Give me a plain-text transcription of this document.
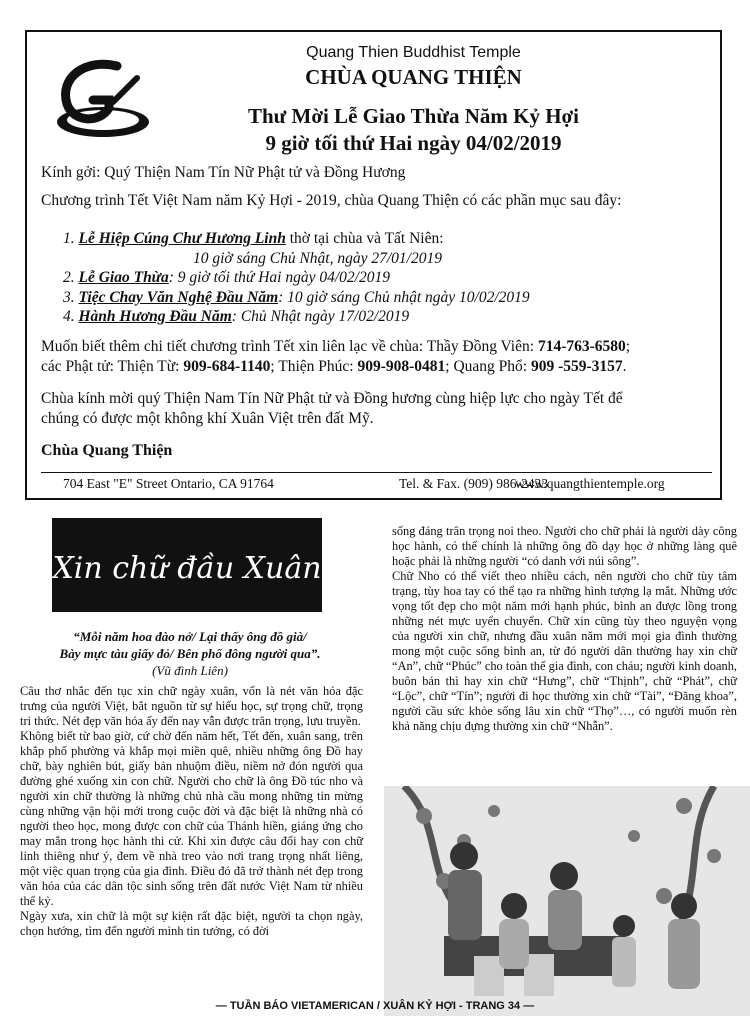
Quang Thien Buddhist Temple
CHÙA QUANG THIỆN
Thư Mời Lễ Giao Thừa Năm Kỷ Hợi
9 giờ tối thứ Hai ngày 04/02/2019
Kính gởi: Quý Thiện Nam Tín Nữ Phật tử và Đồng Hương
Chương trình Tết Việt Nam năm Kỷ Hợi - 2019, chùa Quang Thiện có các phần mục sau đây:
1. Lễ Hiệp Cúng Chư Hương Linh thờ tại chùa và Tất Niên:
10 giờ sáng Chủ Nhật, ngày 27/01/2019
2. Lễ Giao Thừa: 9 giờ tối thứ Hai ngày 04/02/2019
3. Tiệc Chay Văn Nghệ Đầu Năm: 10 giờ sáng Chủ nhật ngày 10/02/2019
4. Hành Hương Đầu Năm: Chủ Nhật ngày 17/02/2019
Muốn biết thêm chi tiết chương trình Tết xin liên lạc về chùa: Thầy Đồng Viên: 714-763-6580;
các Phật tử: Thiện Từ: 909-684-1140; Thiện Phúc: 909-908-0481; Quang Phổ: 909 -559-3157.
Chùa kính mời quý Thiện Nam Tín Nữ Phật tử và Đồng hương cùng hiệp lực cho ngày Tết để
chúng có được một không khí Xuân Việt trên đất Mỹ.
Chùa Quang Thiện
704 East "E" Street Ontario, CA 91764	Tel. & Fax. (909) 986-2433
www.quangthientemple.org
Xin chữ đầu Xuân
“Mỗi năm hoa đào nở/ Lại thấy ông đồ già/
Bày mực tàu giấy đỏ/ Bên phố đông người qua”.
(Vũ đình Liên)

Câu thơ nhắc đến tục xin chữ ngày xuân, vốn là nét văn hóa đặc trưng của người Việt, bắt nguồn từ sự hiếu học, sự trọng chữ, trọng tri thức. Nét đẹp văn hóa ấy đến nay vẫn được trân trọng, lưu truyền.

Không biết từ bao giờ, cứ chờ đến năm hết, Tết đến, xuân sang, trên khắp phố phường và khắp mọi miền quê, nhiều những ông Đồ hay chữ, bày nghiên bút, giấy bản nhuộm điều, niềm nở đón người qua đường ghé xuống xin con chữ. Người cho chữ là ông Đồ túc nho và người xin chữ thường là những chủ nhà cầu mong những tin mừng cùng những vận hội mới trong cuộc đời và đặc biệt là những nhà có người theo học, mong được con chữ của Thánh hiền, giáng ứng cho may mắn trong học hành thi cử. Khi xin được câu đối hay con chữ linh thiêng như ý, đem về nhà treo vào nơi trang trọng nhất liêng, một việc quan trọng của gia đình. Điều đó đã trở thành nét đẹp trong văn hóa của các dân tộc sinh sống trên đất nước Việt Nam từ nhiều thế kỷ.

Ngày xưa, xin chữ là một sự kiện rất đặc biệt, người ta chọn ngày, chọn hướng, tìm đến người mình tin tưởng, có đời

sống đáng trân trọng noi theo. Người cho chữ phải là người dày công học hành, có thể chính là những ông đồ dạy học ở những làng quê hoặc phải là những người “có danh với núi sông”.

Chữ Nho có thể viết theo nhiều cách, nên người cho chữ tùy tâm trạng, tùy hoa tay có thể tạo ra những hình tượng lạ mắt. Những ước vọng tốt đẹp cho một năm mới hạnh phúc, bình an được lồng trong những nét mực uyển chuyển. Chữ xin cũng tùy theo nguyện vọng của người xin chữ, nhưng đầu xuân năm mới mọi gia đình thường mong một cuộc sống bình an, từ đó người dân thường hay xin chữ “An”, chữ “Phúc” cho toàn thể gia đình, con cháu; người kinh doanh, buôn bán thì hay xin chữ “Hưng”, chữ “Thịnh”, chữ “Phát”, chữ “Lộc”, chữ “Tín”; người đi học thường xin chữ “Tài”, “Đăng khoa”, người cầu sức khỏe sống lâu xin chữ “Thọ”…, có người muốn rèn khả năng chịu đựng thường xin chữ “Nhẫn”.

— TUẦN BÁO VIETAMERICAN / XUÂN KỶ HỢI - TRANG 34 —
